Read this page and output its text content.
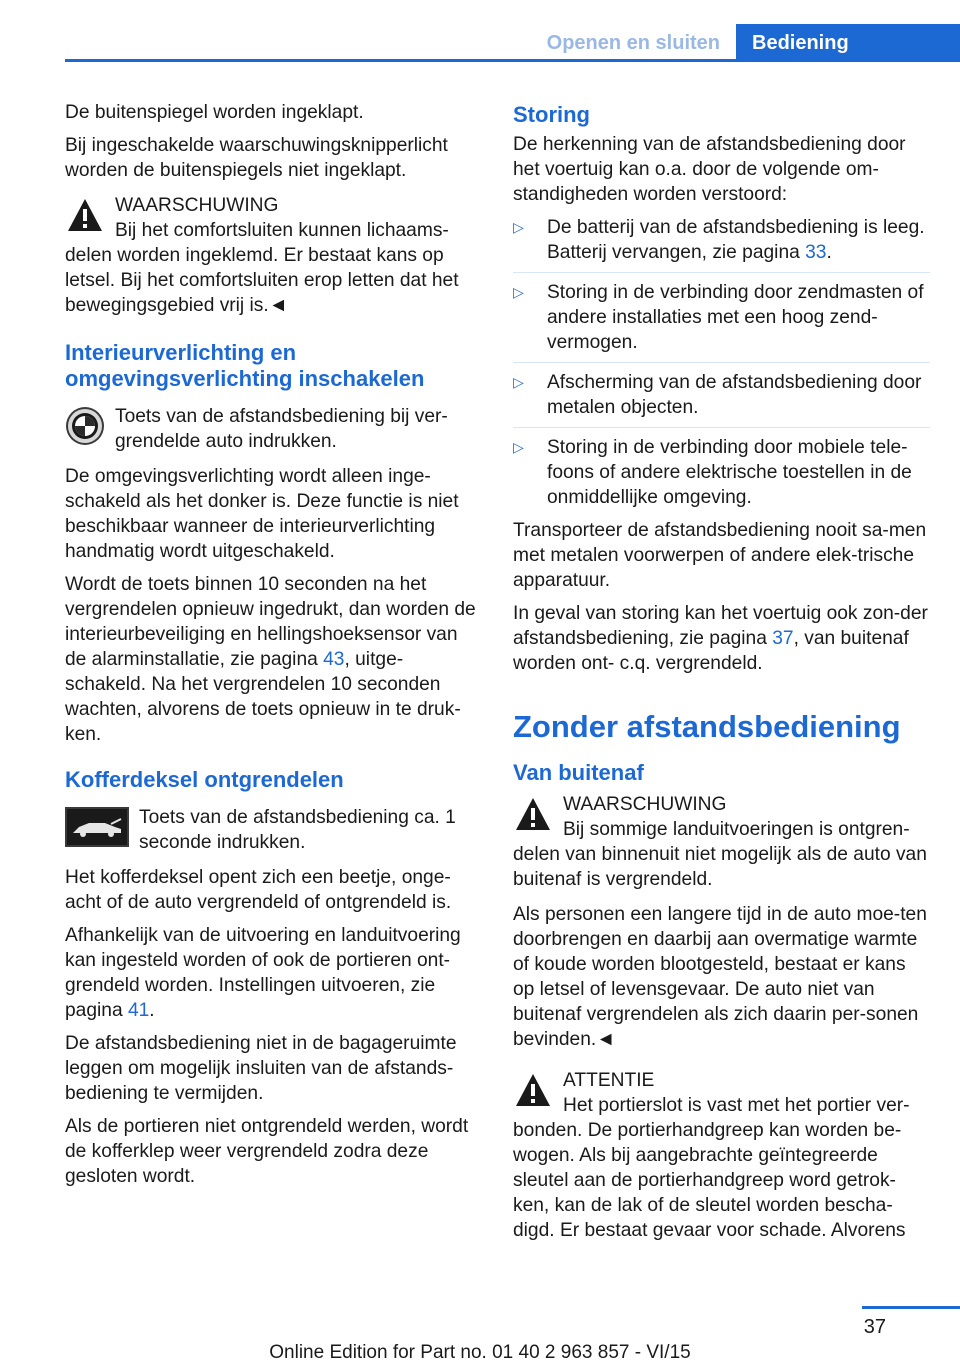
Openen en sluiten	Bediening

De buitenspiegel worden ingeklapt.

Bij ingeschakelde waarschuwingsknipperlicht worden de buitenspiegels niet ingeklapt.

WAARSCHUWING
Bij het comfortsluiten kunnen lichaams-delen worden ingeklemd. Er bestaat kans op letsel. Bij het comfortsluiten erop letten dat het bewegingsgebied vrij is.◄
Interieurverlichting en omgevingsverlichting inschakelen
Toets van de afstandsbediening bij ver-grendelde auto indrukken.

De omgevingsverlichting wordt alleen inge-schakeld als het donker is. Deze functie is niet beschikbaar wanneer de interieurverlichting handmatig wordt uitgeschakeld.

Wordt de toets binnen 10 seconden na het vergrendelen opnieuw ingedrukt, dan worden de interieurbeveiliging en hellingshoeksensor van de alarminstallatie, zie pagina 43, uitge-schakeld. Na het vergrendelen 10 seconden wachten, alvorens de toets opnieuw in te druk-ken.

Kofferdeksel ontgrendelen
Toets van de afstandsbediening ca. 1 seconde indrukken.

Het kofferdeksel opent zich een beetje, onge-acht of de auto vergrendeld of ontgrendeld is.

Afhankelijk van de uitvoering en landuitvoering kan ingesteld worden of ook de portieren ont-grendeld worden. Instellingen uitvoeren, zie pagina 41.

De afstandsbediening niet in de bagageruimte leggen om mogelijk insluiten van de afstands-bediening te vermijden.

Als de portieren niet ontgrendeld werden, wordt de kofferklep weer vergrendeld zodra deze gesloten wordt.

Storing

De herkenning van de afstandsbediening door het voertuig kan o.a. door de volgende om-standigheden worden verstoord:

▷ De batterij van de afstandsbediening is leeg. Batterij vervangen, zie pagina 33.
▷ Storing in de verbinding door zendmasten of andere installaties met een hoog zend-vermogen.
▷ Afscherming van de afstandsbediening door metalen objecten.
▷ Storing in de verbinding door mobiele tele-foons of andere elektrische toestellen in de onmiddellijke omgeving.

Transporteer de afstandsbediening nooit sa-men met metalen voorwerpen of andere elek-trische apparatuur.

In geval van storing kan het voertuig ook zon-der afstandsbediening, zie pagina 37, van buitenaf worden ont- c.q. vergrendeld.

Zonder afstandsbediening
Van buitenaf
WAARSCHUWING
Bij sommige landuitvoeringen is ontgren-delen van binnenuit niet mogelijk als de auto van buitenaf is vergrendeld.

Als personen een langere tijd in de auto moe-ten doorbrengen en daarbij aan overmatige warmte of koude worden blootgesteld, bestaat er kans op letsel of levensgevaar. De auto niet van buitenaf vergrendelen als zich daarin per-sonen bevinden.◄

ATTENTIE
Het portierslot is vast met het portier ver-bonden. De portierhandgreep kan worden be-wogen. Als bij aangebrachte geïntegreerde sleutel aan de portierhandgreep word getrok-ken, kan de lak of de sleutel worden bescha-digd. Er bestaat gevaar voor schade. Alvorens
37
Online Edition for Part no. 01 40 2 963 857 - VI/15
